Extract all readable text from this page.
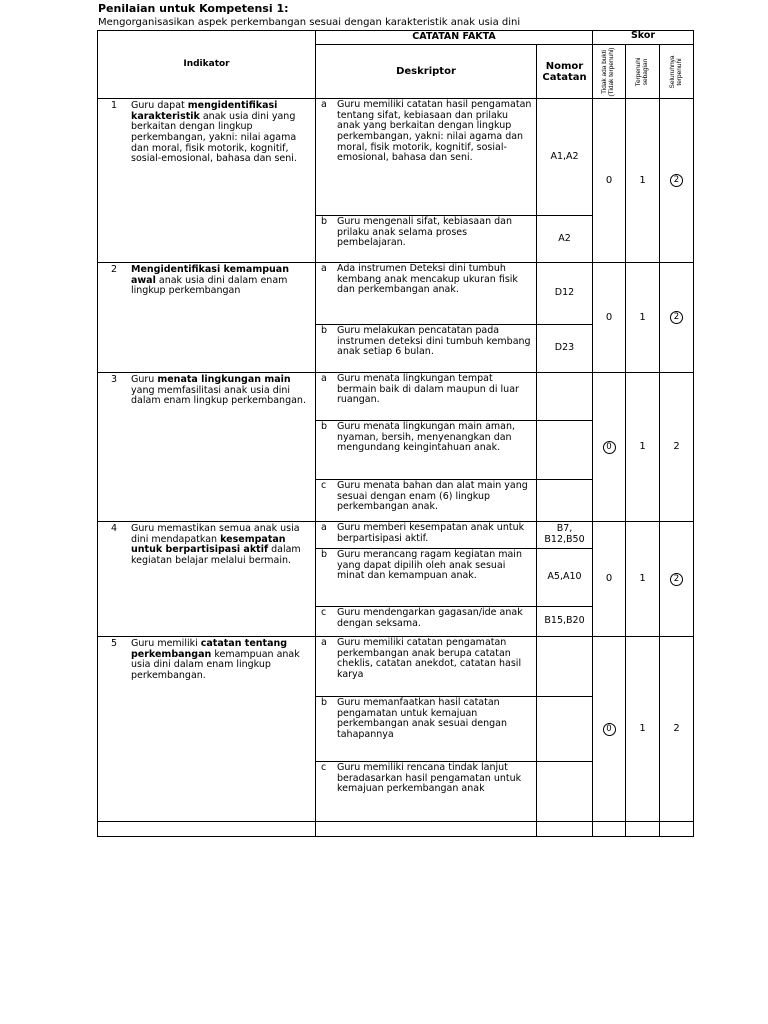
Penilaian untuk Kompetensi 1:
Mengorganisasikan aspek perkembangan sesuai dengan karakteristik anak usia dini
Indikator	CATATAN FAKTA		Skor		
	Deskriptor	Nomor Catatan	Tidak ada bukti (Tidak terpenuhi)	Terpenuhi sebagian	Seluruhnya terpenuhi

1 Guru dapat mengidentifikasi karakteristik anak usia dini yang berkaitan dengan lingkup perkembangan, yakni: nilai agama dan moral, fisik motorik, kognitif, sosial-emosional, bahasa dan seni.	a Guru memiliki catatan hasil pengamatan tentang sifat, kebiasaan dan prilaku anak yang berkaitan dengan lingkup perkembangan, yakni: nilai agama dan moral, fisik motorik, kognitif, sosial-emosional, bahasa dan seni.	A1,A2	0	1	2

	b Guru mengenali sifat, kebiasaan dan prilaku anak selama proses pembelajaran.	A2			

2 Mengidentifikasi kemampuan awal anak usia dini dalam enam lingkup perkembangan	a Ada instrumen Deteksi dini tumbuh kembang anak mencakup ukuran fisik dan perkembangan anak.	D12	0	1	2

	b Guru melakukan pencatatan pada instrumen deteksi dini tumbuh kembang anak setiap 6 bulan.	D23			

3 Guru menata lingkungan main yang memfasilitasi anak usia dini dalam enam lingkup perkembangan.	a Guru menata lingkungan tempat bermain baik di dalam maupun di luar ruangan.		0	1	2

	b Guru menata lingkungan main aman, nyaman, bersih, menyenangkan dan mengundang keingintahuan anak.				

	c Guru menata bahan dan alat main yang sesuai dengan enam (6) lingkup perkembangan anak.				

4 Guru memastikan semua anak usia dini mendapatkan kesempatan untuk berpartisipasi aktif dalam kegiatan belajar melalui bermain.	a Guru memberi kesempatan anak untuk berpartisipasi aktif.	B7, B12,B50	0	1	2

	b Guru merancang ragam kegiatan main yang dapat dipilih oleh anak sesuai minat dan kemampuan anak.	A5,A10			

	c Guru mendengarkan gagasan/ide anak dengan seksama.	B15,B20			

5 Guru memiliki catatan tentang perkembangan kemampuan anak usia dini dalam enam lingkup perkembangan.	a Guru memiliki catatan pengamatan perkembangan anak berupa catatan cheklis, catatan anekdot, catatan hasil karya		0	1	2

	b Guru memanfaatkan hasil catatan pengamatan untuk kemajuan perkembangan anak sesuai dengan tahapannya				

	c Guru memiliki rencana tindak lanjut beradasarkan hasil pengamatan untuk kemajuan perkembangan anak				
